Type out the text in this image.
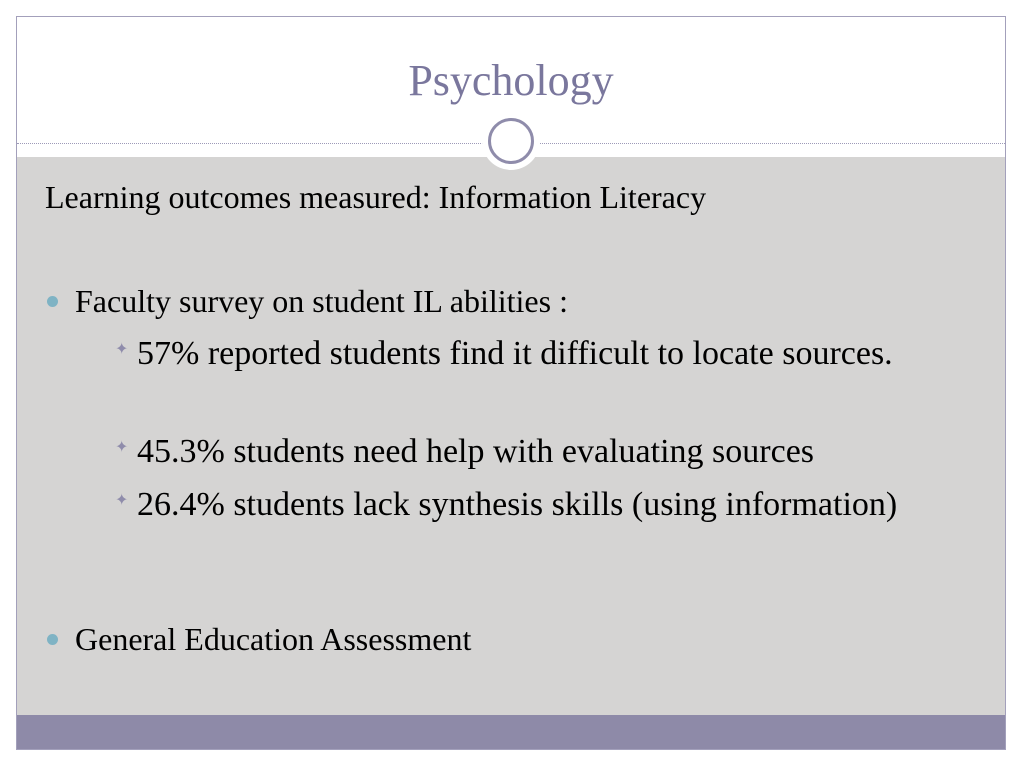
Psychology
Learning outcomes measured: Information Literacy
Faculty survey on student IL abilities :
✦ 57% reported students find it difficult to locate sources.
✦ 45.3% students need help with evaluating sources
✦ 26.4% students lack synthesis skills (using information)
General Education Assessment
